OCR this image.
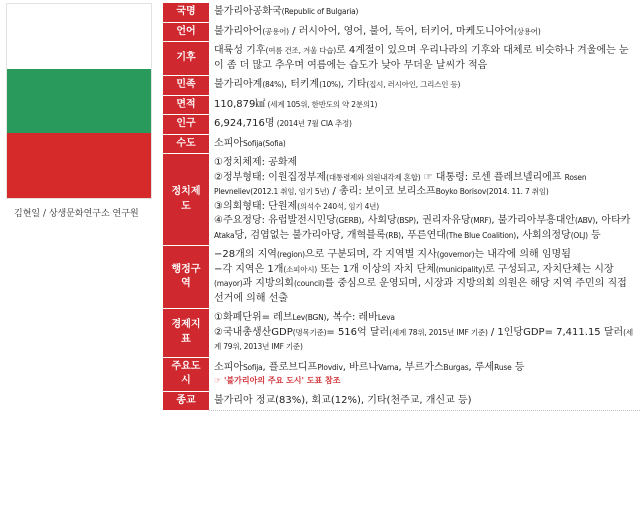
김현일 / 상생문화연구소 연구원
국명	불가리아공화국(Republic of Bulgaria)
언어	불가리아어(공용어) / 러시아어, 영어, 불어, 독어, 터키어, 마케도니아어(상용어)
기후	대륙성 기후(여름 건조, 겨울 다습)로 4계절이 있으며 우리나라의 기후와 대체로 비슷하나 겨울에는 눈이 좀 더 많고 추우며 여름에는 습도가 낮아 무더운 날씨가 적음
민족	불가리아계(84%), 터키계(10%), 기타(집시, 러시아인, 그리스인 등)
면적	110,879㎢ (세계 105위, 한반도의 약 2분의1)
인구	6,924,716명 (2014년 7월 CIA 추정)
수도	소피아Sofija(Sofia)
정치제도	①정치체제: 공화제
②정부형태: 이원집정부제(대통령제와 의원내각제 혼합) ☞ 대통령: 로센 플레브넬리에프 Rosen Plevneliev(2012.1 취임, 임기 5년) / 총리: 보이코 보리소프Boyko Borisov(2014. 11. 7 취임)
③의회형태: 단원제(의석수 240석, 임기 4년)
④주요정당: 유럽발전시민당(GERB), 사회당(BSP), 권리자유당(MRF), 불가리아부흥대안(ABV), 아타카Ataka당, 검엽없는 불가리아당, 개혁블록(RB), 푸른연대(The Blue Coalition), 사회의정당(OLJ) 등

행정구역	−28개의 지역(region)으로 구분되며, 각 지역별 지사(governor)는 내각에 의해 임명됨
−각 지역은 1개(소피아시) 또는 1개 이상의 자치 단체(municipality)로 구성되고, 자치단체는 시장(mayor)과 지방의회(council)를 중심으로 운영되며, 시장과 지방의회 의원은 해당 지역 주민의 직접 선거에 의해 선출

경제지표	①화폐단위= 레브Lev(BGN), 복수: 레바Leva
②국내총생산GDP(명목기준)= 516억 달러(세계 78위, 2015년 IMF 기준) / 1인당GDP= 7,411.15 달러(세계 79위, 2013년 IMF 기준)

주요도시	소피아Sofija, 플로브디프Plovdiv, 바르나Varna, 부르가스Burgas, 루세Ruse 등
☞ '불가리아의 주요 도시' 도표 참조

종교	불가리아 정교(83%), 회교(12%), 기타(천주교, 개신교 등)
